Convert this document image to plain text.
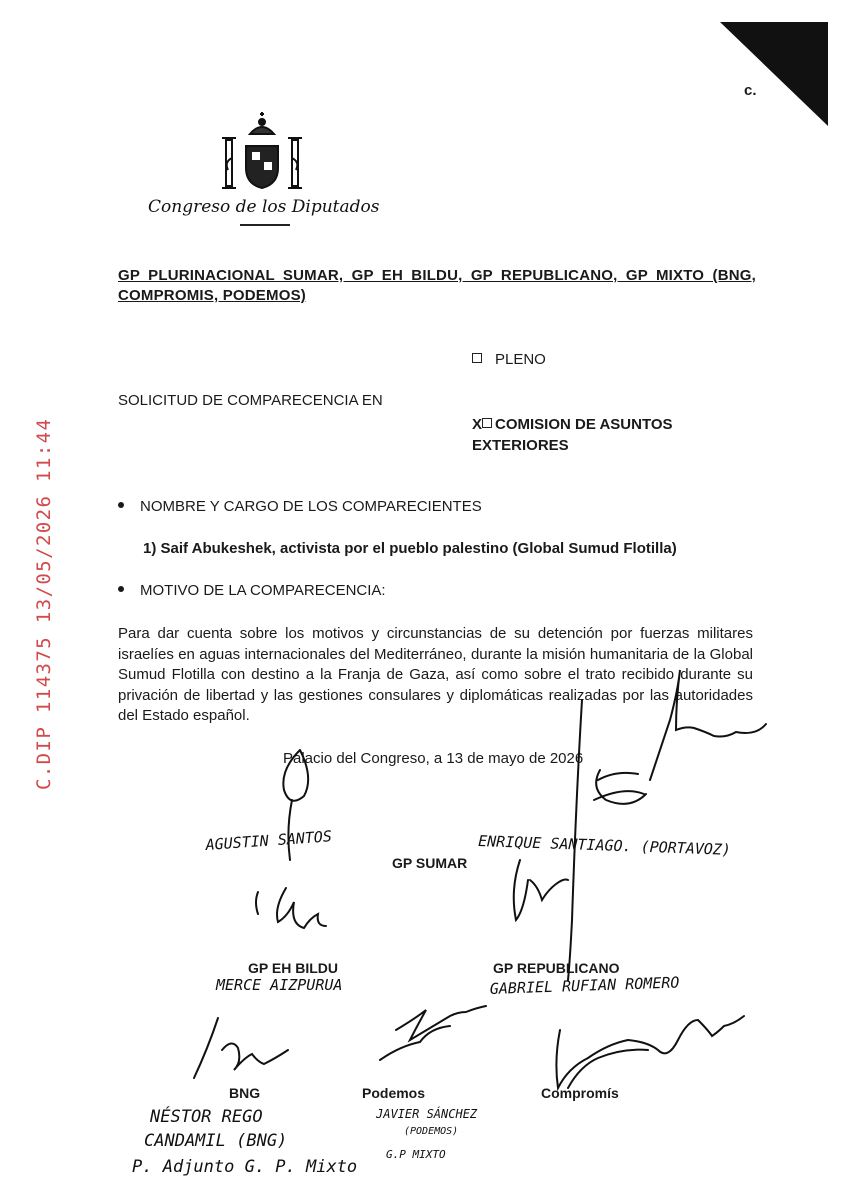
c.
C.DIP 114375 13/05/2026 11:44
Congreso de los Diputados
GP PLURINACIONAL SUMAR, GP EH BILDU, GP REPUBLICANO, GP MIXTO (BNG, COMPROMIS, PODEMOS)
PLENO
SOLICITUD DE COMPARECENCIA EN
X COMISION DE ASUNTOS
EXTERIORES
NOMBRE Y CARGO DE LOS COMPARECIENTES
1) Saif Abukeshek, activista por el pueblo palestino (Global Sumud Flotilla)
MOTIVO DE LA COMPARECENCIA:
Para dar cuenta sobre los motivos y circunstancias de su detención por fuerzas militares israelíes en aguas internacionales del Mediterráneo, durante la misión humanitaria de la Global Sumud Flotilla con destino a la Franja de Gaza, así como sobre el trato recibido durante su privación de libertad y las gestiones consulares y diplomáticas realizadas por las autoridades del Estado español.
Palacio del Congreso, a 13 de mayo de 2026
GP SUMAR
GP EH BILDU	GP REPUBLICANO
BNG	Podemos	Compromís
AGUSTIN SANTOS	ENRIQUE SANTIAGO. (PORTAVOZ)
MERCE AIZPURUA	GABRIEL RUFIAN ROMERO
NÉSTOR REGO
CANDAMIL (BNG)
P. Adjunto G. P. Mixto
JAVIER SÁNCHEZ
(PODEMOS)
G.P MIXTO
